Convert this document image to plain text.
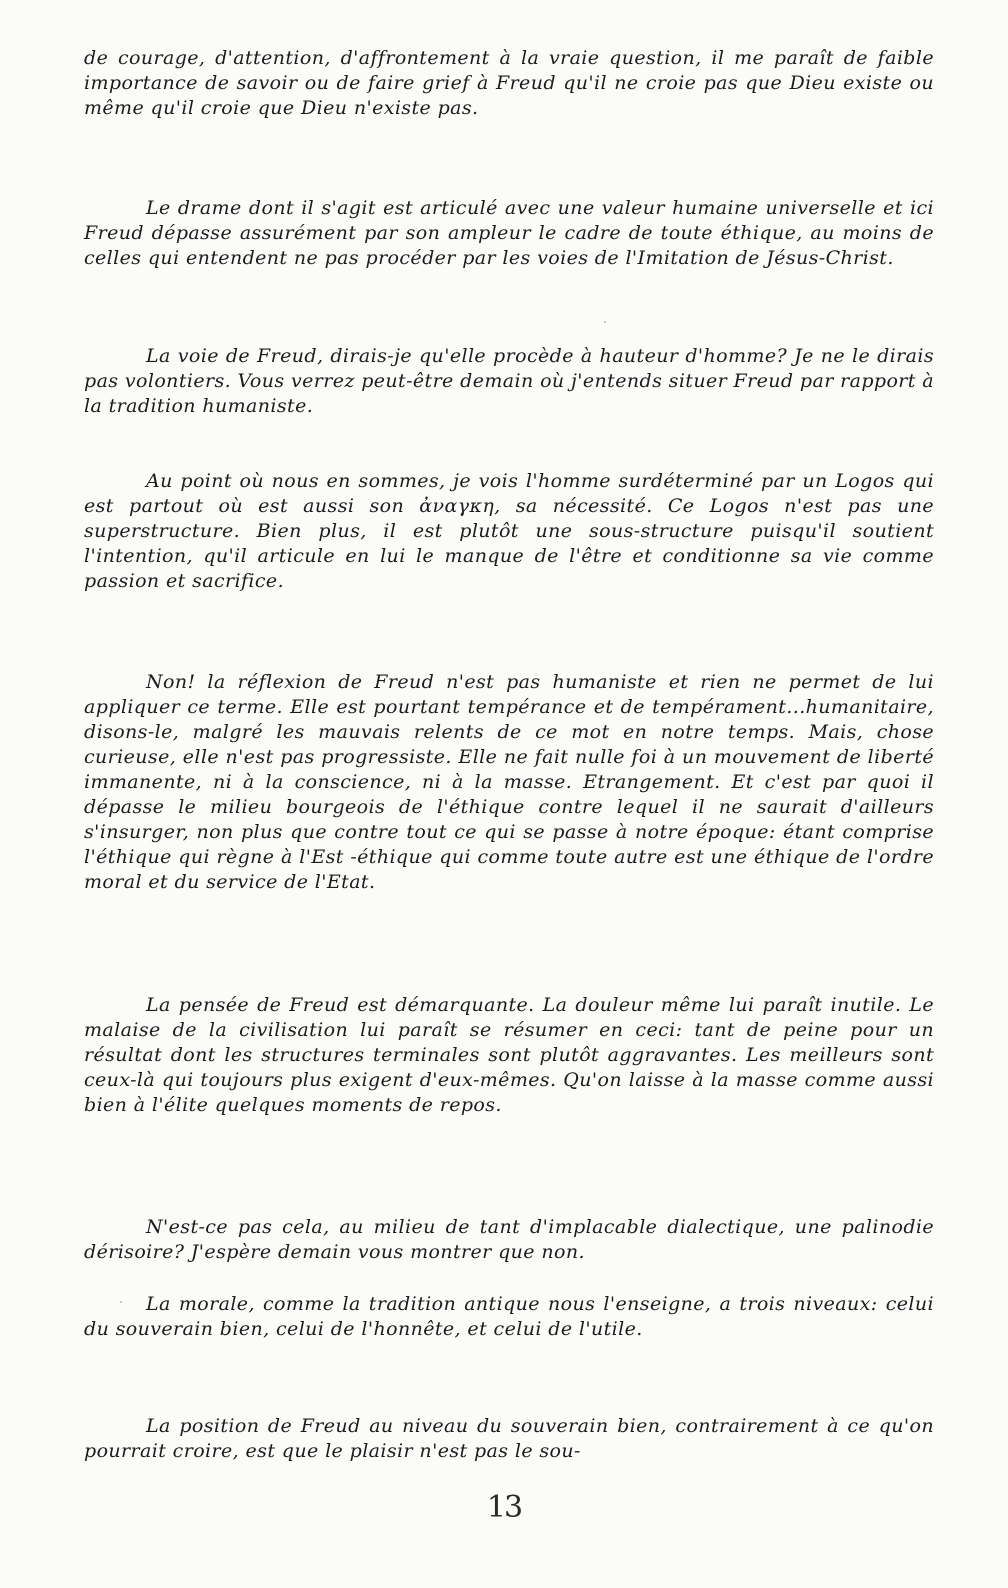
de courage, d'attention, d'affrontement à la vraie question, il me paraît de faible importance de savoir ou de faire grief à Freud qu'il ne croie pas que Dieu existe ou même qu'il croie que Dieu n'existe pas.

Le drame dont il s'agit est articulé avec une valeur humaine universelle et ici Freud dépasse assurément par son ampleur le cadre de toute éthique, au moins de celles qui entendent ne pas procéder par les voies de l'Imitation de Jésus-Christ.

La voie de Freud, dirais-je qu'elle procède à hauteur d'homme? Je ne le dirais pas volontiers. Vous verrez peut-être demain où j'entends situer Freud par rapport à la tradition humaniste.

Au point où nous en sommes, je vois l'homme surdéterminé par un Logos qui est partout où est aussi son ἀναγκη, sa nécessité. Ce Logos n'est pas une superstructure. Bien plus, il est plutôt une sous-structure puisqu'il soutient l'intention, qu'il articule en lui le manque de l'être et conditionne sa vie comme passion et sacrifice.

Non! la réflexion de Freud n'est pas humaniste et rien ne permet de lui appliquer ce terme. Elle est pourtant tempérance et de tempérament...humanitaire, disons-le, malgré les mauvais relents de ce mot en notre temps. Mais, chose curieuse, elle n'est pas progressiste. Elle ne fait nulle foi à un mouvement de liberté immanente, ni à la conscience, ni à la masse. Etrangement. Et c'est par quoi il dépasse le milieu bourgeois de l'éthique contre lequel il ne saurait d'ailleurs s'insurger, non plus que contre tout ce qui se passe à notre époque: étant comprise l'éthique qui règne à l'Est -éthique qui comme toute autre est une éthique de l'ordre moral et du service de l'Etat.

La pensée de Freud est démarquante. La douleur même lui paraît inutile. Le malaise de la civilisation lui paraît se résumer en ceci: tant de peine pour un résultat dont les structures terminales sont plutôt aggravantes. Les meilleurs sont ceux-là qui toujours plus exigent d'eux-mêmes. Qu'on laisse à la masse comme aussi bien à l'élite quelques moments de repos.

N'est-ce pas cela, au milieu de tant d'implacable dialectique, une palinodie dérisoire? J'espère demain vous montrer que non.

La morale, comme la tradition antique nous l'enseigne, a trois niveaux: celui du souverain bien, celui de l'honnête, et celui de l'utile.

La position de Freud au niveau du souverain bien, contrairement à ce qu'on pourrait croire, est que le plaisir n'est pas le sou-

13
